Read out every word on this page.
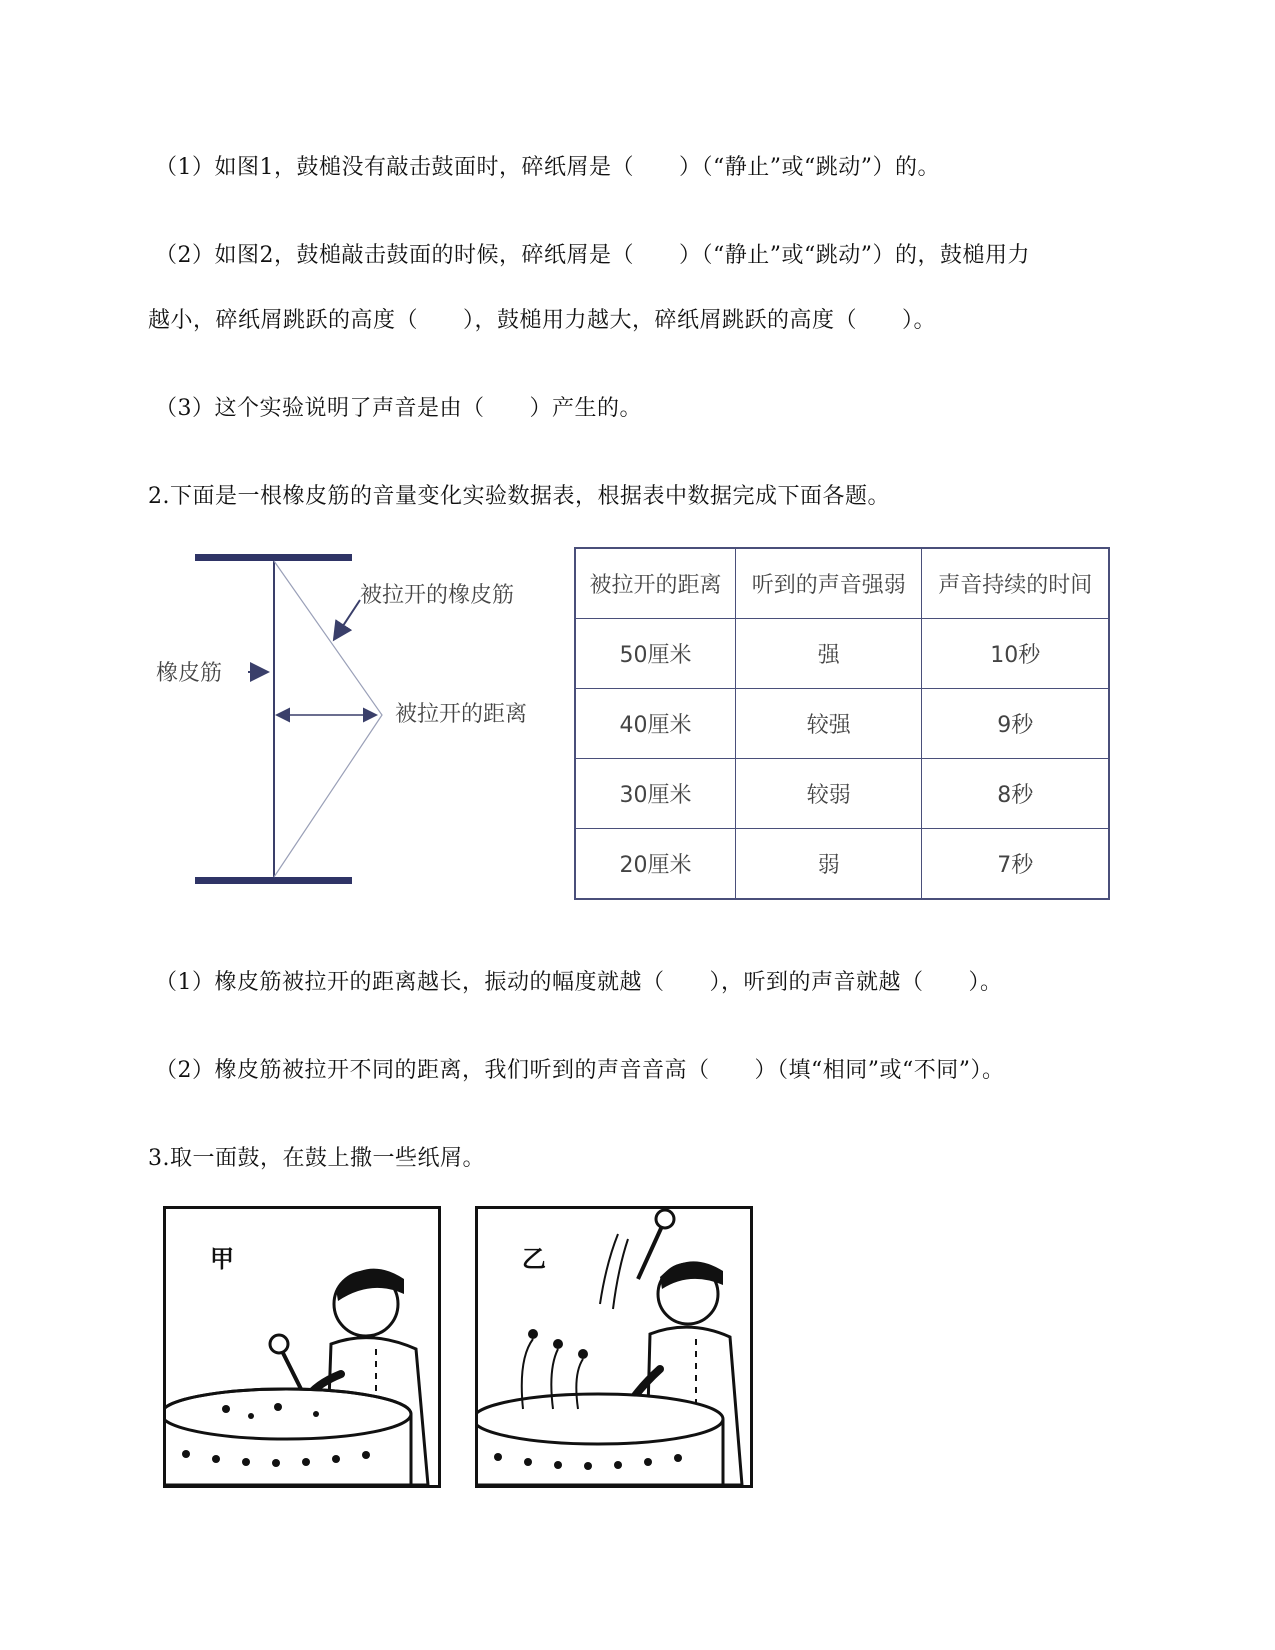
（1）如图1，鼓槌没有敲击鼓面时，碎纸屑是（　　）（“静止”或“跳动”）的。
（2）如图2，鼓槌敲击鼓面的时候，碎纸屑是（　　）（“静止”或“跳动”）的，鼓槌用力
越小，碎纸屑跳跃的高度（　　），鼓槌用力越大，碎纸屑跳跃的高度（　　）。
（3）这个实验说明了声音是由（　　）产生的。
2.下面是一根橡皮筋的音量变化实验数据表，根据表中数据完成下面各题。
橡皮筋
被拉开的橡皮筋
被拉开的距离
被拉开的距离	听到的声音强弱	声音持续的时间
50厘米	强	10秒
40厘米	较强	9秒
30厘米	较弱	8秒
20厘米	弱	7秒
（1）橡皮筋被拉开的距离越长，振动的幅度就越（　　），听到的声音就越（　　）。
（2）橡皮筋被拉开不同的距离，我们听到的声音音高（　　）（填“相同”或“不同”）。
3.取一面鼓，在鼓上撒一些纸屑。
甲	乙
